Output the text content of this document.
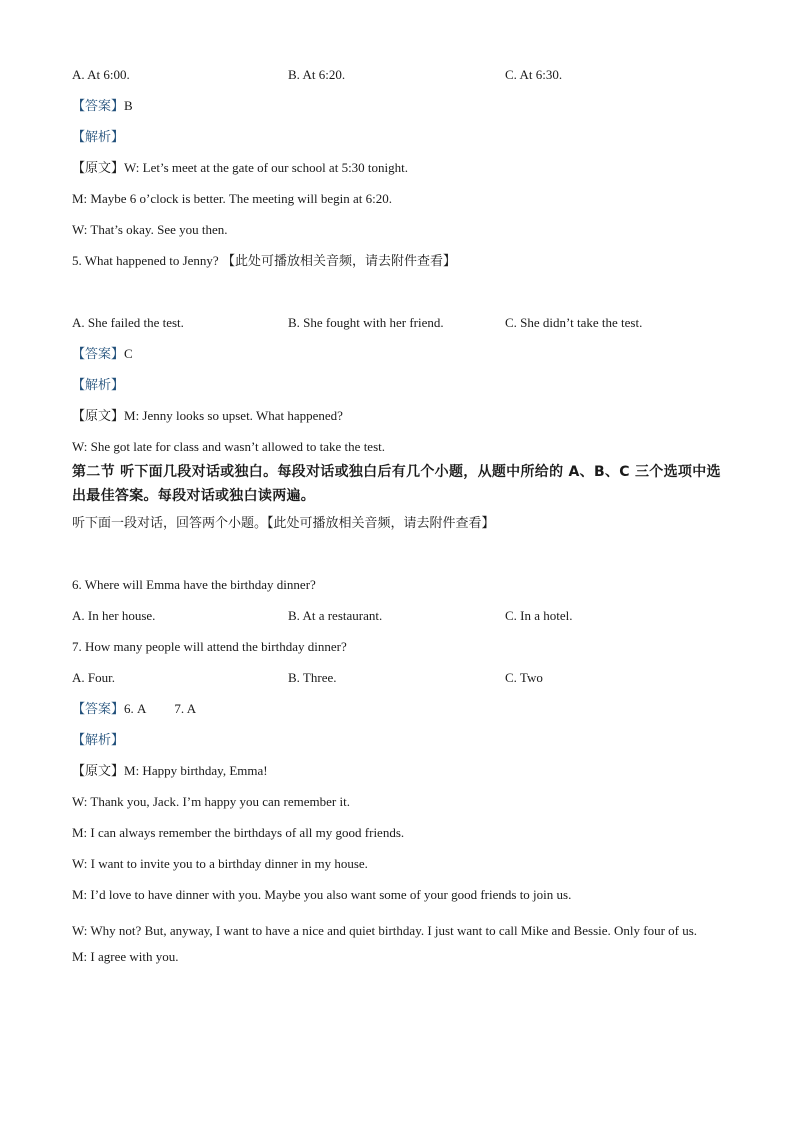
A. At 6:00.	B. At 6:20.	C. At 6:30.
【答案】B
【解析】
【原文】W: Let’s meet at the gate of our school at 5:30 tonight.
M: Maybe 6 o’clock is better. The meeting will begin at 6:20.
W: That’s okay. See you then.
5. What happened to Jenny? 【此处可播放相关音频，请去附件查看】
A. She failed the test.	B. She fought with her friend.	C. She didn’t take the test.
【答案】C
【解析】
【原文】M: Jenny looks so upset. What happened?
W: She got late for class and wasn’t allowed to take the test.
第二节 听下面几段对话或独白。每段对话或独白后有几个小题，从题中所给的 A、B、C 三个选项中选出最佳答案。每段对话或独白读两遍。
听下面一段对话，回答两个小题。【此处可播放相关音频，请去附件查看】
6. Where will Emma have the birthday dinner?
A. In her house.	B. At a restaurant.	C. In a hotel.
7. How many people will attend the birthday dinner?
A. Four.	B. Three.	C. Two
【答案】6. A 7. A
【解析】
【原文】M: Happy birthday, Emma!
W: Thank you, Jack. I’m happy you can remember it.
M: I can always remember the birthdays of all my good friends.
W: I want to invite you to a birthday dinner in my house.
M: I’d love to have dinner with you. Maybe you also want some of your good friends to join us.
W: Why not? But, anyway, I want to have a nice and quiet birthday. I just want to call Mike and Bessie. Only four of us.
M: I agree with you.
